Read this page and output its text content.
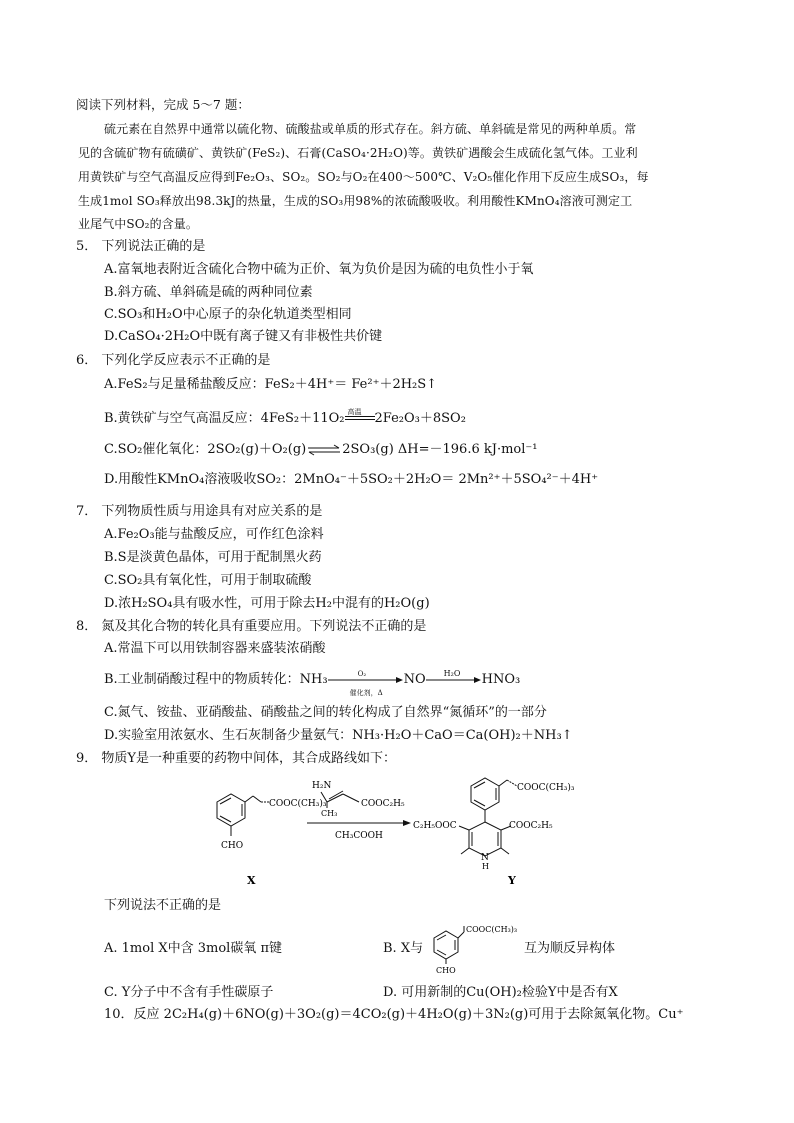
阅读下列材料，完成 5～7 题：
硫元素在自然界中通常以硫化物、硫酸盐或单质的形式存在。斜方硫、单斜硫是常见的两种单质。常
见的含硫矿物有硫磺矿、黄铁矿(FeS₂)、石膏(CaSO₄·2H₂O)等。黄铁矿遇酸会生成硫化氢气体。工业利
用黄铁矿与空气高温反应得到Fe₂O₃、SO₂。SO₂与O₂在400～500℃、V₂O₅催化作用下反应生成SO₃，每
生成1mol SO₃释放出98.3kJ的热量，生成的SO₃用98%的浓硫酸吸收。利用酸性KMnO₄溶液可测定工
业尾气中SO₂的含量。
5． 下列说法正确的是
A.富氧地表附近含硫化合物中硫为正价、氧为负价是因为硫的电负性小于氧
B.斜方硫、单斜硫是硫的两种同位素
C.SO₃和H₂O中心原子的杂化轨道类型相同
D.CaSO₄·2H₂O中既有离子键又有非极性共价键
6． 下列化学反应表示不正确的是
A.FeS₂与足量稀盐酸反应：FeS₂＋4H⁺＝ Fe²⁺＋2H₂S↑
B.黄铁矿与空气高温反应：4FeS₂＋11O₂ 高温 2Fe₂O₃＋8SO₂
C.SO₂催化氧化：2SO₂(g)＋O₂(g)⇌2SO₃(g) ΔH=－196.6 kJ·mol⁻¹
D.用酸性KMnO₄溶液吸收SO₂：2MnO₄⁻＋5SO₂＋2H₂O＝ 2Mn²⁺＋5SO₄²⁻＋4H⁺
7． 下列物质性质与用途具有对应关系的是
A.Fe₂O₃能与盐酸反应，可作红色涂料
B.S是淡黄色晶体，可用于配制黑火药
C.SO₂具有氧化性，可用于制取硫酸
D.浓H₂SO₄具有吸水性，可用于除去H₂中混有的H₂O(g)
8． 氮及其化合物的转化具有重要应用。下列说法不正确的是
A.常温下可以用铁制容器来盛装浓硝酸
B.工业制硝酸过程中的物质转化：NH₃	O₂
催化剂，Δ
NO H₂O HNO₃
C.氮气、铵盐、亚硝酸盐、硝酸盐之间的转化构成了自然界“氮循环”的一部分
D.实验室用浓氨水、生石灰制备少量氨气：NH₃·H₂O＋CaO＝Ca(OH)₂＋NH₃↑
9． 物质Y是一种重要的药物中间体，其合成路线如下：
COOC(CH₃)₃
CHO
X
H₂N
CH₃
COOC₂H₅
CH₃COOH
COOC(CH₃)₃
C₂H₅OOC	COOC₂H₅
N
H
Y
下列说法不正确的是
A. 1mol X中含 3mol碳氧 π键	B. X与
COOC(CH₃)₃
CHO
互为顺反异构体
C. Y分子中不含有手性碳原子	D. 可用新制的Cu(OH)₂检验Y中是否有X
10．反应 2C₂H₄(g)＋6NO(g)＋3O₂(g)＝4CO₂(g)＋4H₂O(g)＋3N₂(g)可用于去除氮氧化物。Cu⁺
